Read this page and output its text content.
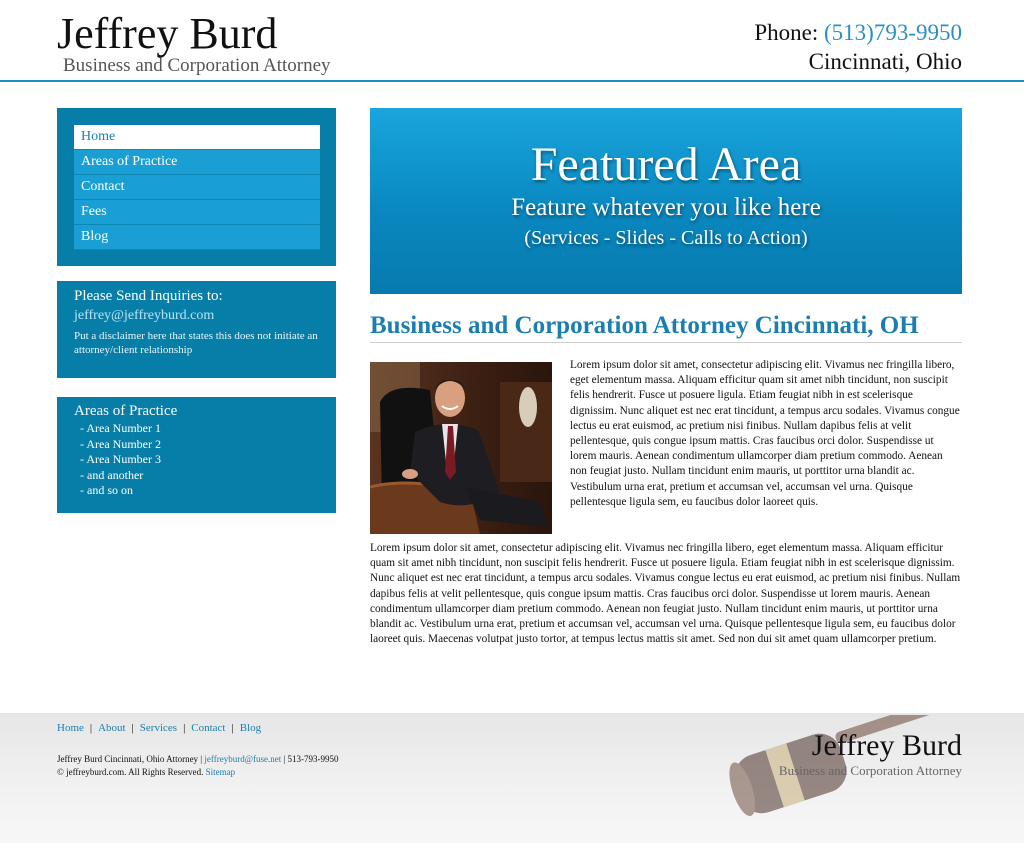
Jeffrey Burd
Business and Corporation Attorney
Phone: (513)793-9950
Cincinnati, Ohio
Home
Areas of Practice
Contact
Fees
Blog
Please Send Inquiries to:
jeffrey@jeffreyburd.com
Put a disclaimer here that states this does not initiate an attorney/client relationship
Areas of Practice
- Area Number 1
- Area Number 2
- Area Number 3
- and another
- and so on
Featured Area
Feature whatever you like here
(Services - Slides - Calls to Action)
Business and Corporation Attorney Cincinnati, OH
Lorem ipsum dolor sit amet, consectetur adipiscing elit. Vivamus nec fringilla libero, eget elementum massa. Aliquam efficitur quam sit amet nibh tincidunt, non suscipit felis hendrerit. Fusce ut posuere ligula. Etiam feugiat nibh in est scelerisque dignissim. Nunc aliquet est nec erat tincidunt, a tempus arcu sodales. Vivamus congue lectus eu erat euismod, ac pretium nisi finibus. Nullam dapibus felis at velit pellentesque, quis congue ipsum mattis. Cras faucibus orci dolor. Suspendisse ut lorem mauris. Aenean condimentum ullamcorper diam pretium commodo. Aenean non feugiat justo. Nullam tincidunt enim mauris, ut porttitor urna blandit ac. Vestibulum urna erat, pretium et accumsan vel, accumsan vel urna. Quisque pellentesque ligula sem, eu faucibus dolor laoreet quis.
Lorem ipsum dolor sit amet, consectetur adipiscing elit. Vivamus nec fringilla libero, eget elementum massa. Aliquam efficitur quam sit amet nibh tincidunt, non suscipit felis hendrerit. Fusce ut posuere ligula. Etiam feugiat nibh in est scelerisque dignissim. Nunc aliquet est nec erat tincidunt, a tempus arcu sodales. Vivamus congue lectus eu erat euismod, ac pretium nisi finibus. Nullam dapibus felis at velit pellentesque, quis congue ipsum mattis. Cras faucibus orci dolor. Suspendisse ut lorem mauris. Aenean condimentum ullamcorper diam pretium commodo. Aenean non feugiat justo. Nullam tincidunt enim mauris, ut porttitor urna blandit ac. Vestibulum urna erat, pretium et accumsan vel, accumsan vel urna. Quisque pellentesque ligula sem, eu faucibus dolor laoreet quis. Maecenas volutpat justo tortor, at tempus lectus mattis sit amet. Sed non dui sit amet quam ullamcorper pretium.
Home | About | Services | Contact | Blog
Jeffrey Burd Cincinnati, Ohio Attorney | jeffreyburd@fuse.net | 513-793-9950
© jeffreyburd.com. All Rights Reserved. Sitemap
Jeffrey Burd
Business and Corporation Attorney
